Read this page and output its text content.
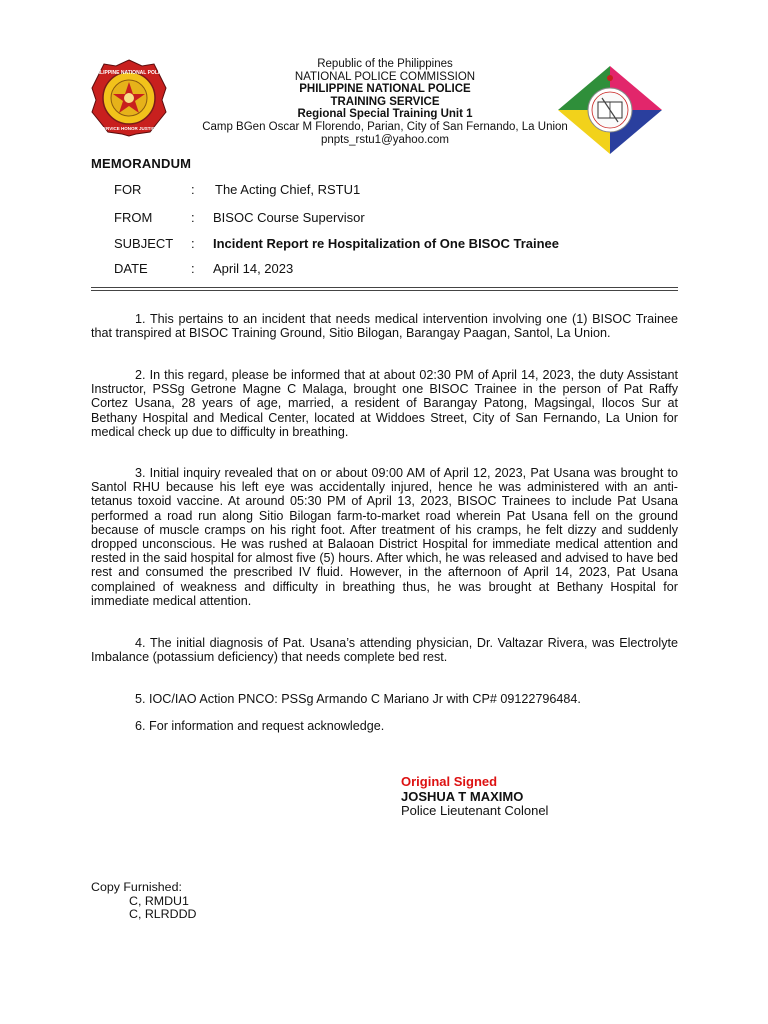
PHILIPPINE NATIONAL POLICE
SERVICE HONOR JUSTICE
Republic of the Philippines
NATIONAL POLICE COMMISSION
PHILIPPINE NATIONAL POLICE
TRAINING SERVICE
Regional Special Training Unit 1
Camp BGen Oscar M Florendo, Parian, City of San Fernando, La Union
pnpts_rstu1@yahoo.com
MEMORANDUM
FOR	: The Acting Chief, RSTU1
FROM	: BISOC Course Supervisor
SUBJECT : Incident Report re Hospitalization of One BISOC Trainee
DATE	: April 14, 2023
1. This pertains to an incident that needs medical intervention involving one (1) BISOC Trainee that transpired at BISOC Training Ground, Sitio Bilogan, Barangay Paagan, Santol, La Union.
2. In this regard, please be informed that at about 02:30 PM of April 14, 2023, the duty Assistant Instructor, PSSg Getrone Magne C Malaga, brought one BISOC Trainee in the person of Pat Raffy Cortez Usana, 28 years of age, married, a resident of Barangay Patong, Magsingal, Ilocos Sur at Bethany Hospital and Medical Center, located at Widdoes Street, City of San Fernando, La Union for medical check up due to difficulty in breathing.
3. Initial inquiry revealed that on or about 09:00 AM of April 12, 2023, Pat Usana was brought to Santol RHU because his left eye was accidentally injured, hence he was administered with an anti-tetanus toxoid vaccine. At around 05:30 PM of April 13, 2023, BISOC Trainees to include Pat Usana performed a road run along Sitio Bilogan farm-to-market road wherein Pat Usana fell on the ground because of muscle cramps on his right foot. After treatment of his cramps, he felt dizzy and suddenly dropped unconscious. He was rushed at Balaoan District Hospital for immediate medical attention and rested in the said hospital for almost five (5) hours. After which, he was released and advised to have bed rest and consumed the prescribed IV fluid. However, in the afternoon of April 14, 2023, Pat Usana complained of weakness and difficulty in breathing thus, he was brought at Bethany Hospital for immediate medical attention.
4. The initial diagnosis of Pat. Usana’s attending physician, Dr. Valtazar Rivera, was Electrolyte Imbalance (potassium deficiency) that needs complete bed rest.
5. IOC/IAO Action PNCO: PSSg Armando C Mariano Jr with CP# 09122796484.
6. For information and request acknowledge.
Original Signed
JOSHUA T MAXIMO
Police Lieutenant Colonel
Copy Furnished:
C, RMDU1
C, RLRDDD
